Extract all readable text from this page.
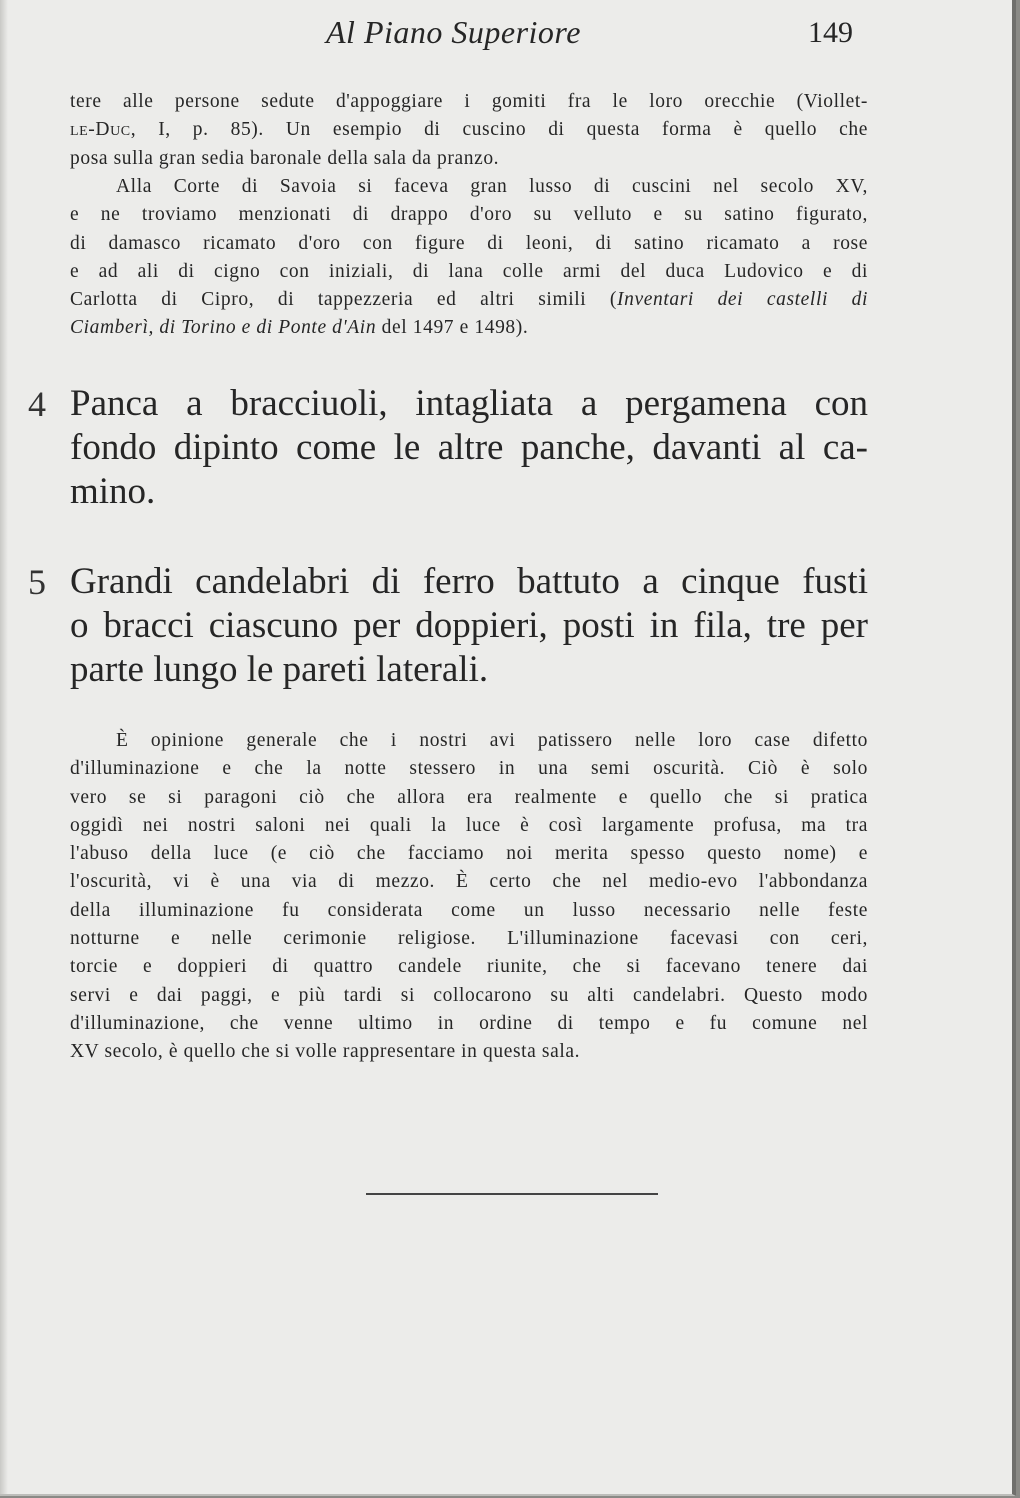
Al Piano Superiore	149

tere alle persone sedute d'appoggiare i gomiti fra le loro orecchie (Viollet-

le-Duc, I, p. 85). Un esempio di cuscino di questa forma è quello che

posa sulla gran sedia baronale della sala da pranzo.

Alla Corte di Savoia si faceva gran lusso di cuscini nel secolo XV,

e ne troviamo menzionati di drappo d'oro su velluto e su satino figurato,

di damasco ricamato d'oro con figure di leoni, di satino ricamato a rose

e ad ali di cigno con iniziali, di lana colle armi del duca Ludovico e di

Carlotta di Cipro, di tappezzeria ed altri simili (Inventari dei castelli di

Ciamberì, di Torino e di Ponte d'Ain del 1497 e 1498).

4 Panca a bracciuoli, intagliata a pergamena con
fondo dipinto come le altre panche, davanti al ca-
mino.

5 Grandi candelabri di ferro battuto a cinque fusti
o bracci ciascuno per doppieri, posti in fila, tre per
parte lungo le pareti laterali.

È opinione generale che i nostri avi patissero nelle loro case difetto

d'illuminazione e che la notte stessero in una semi oscurità. Ciò è solo

vero se si paragoni ciò che allora era realmente e quello che si pratica

oggidì nei nostri saloni nei quali la luce è così largamente profusa, ma tra

l'abuso della luce (e ciò che facciamo noi merita spesso questo nome) e

l'oscurità, vi è una via di mezzo. È certo che nel medio-evo l'abbondanza

della illuminazione fu considerata come un lusso necessario nelle feste

notturne e nelle cerimonie religiose. L'illuminazione facevasi con ceri,

torcie e doppieri di quattro candele riunite, che si facevano tenere dai

servi e dai paggi, e più tardi si collocarono su alti candelabri. Questo modo

d'illuminazione, che venne ultimo in ordine di tempo e fu comune nel

XV secolo, è quello che si volle rappresentare in questa sala.
